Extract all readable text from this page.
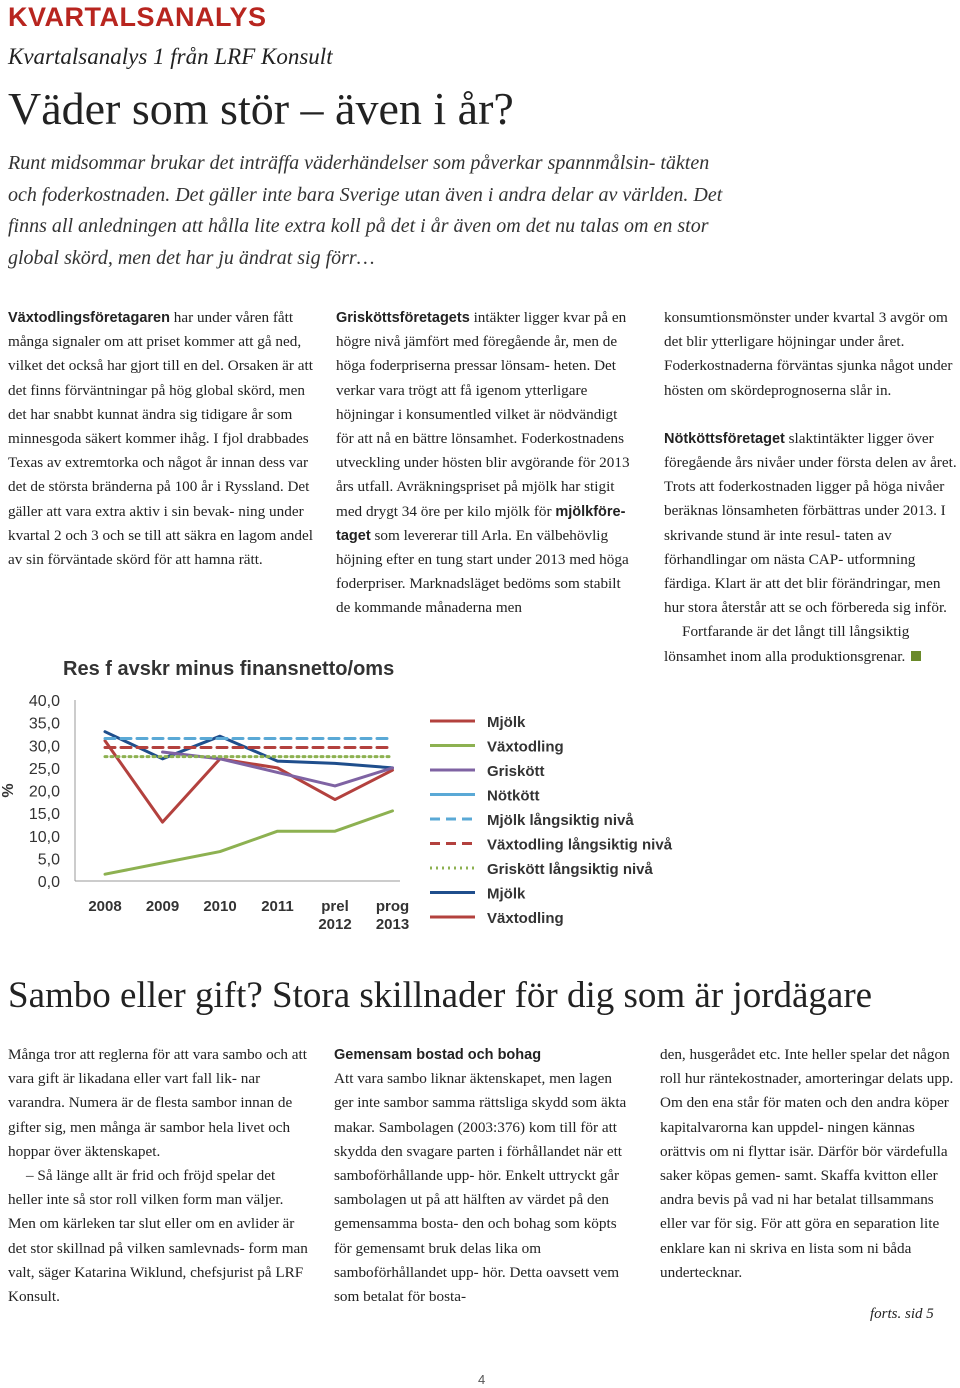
KVARTALSANALYS
Kvartalsanalys 1 från LRF Konsult
Väder som stör – även i år?
Runt midsommar brukar det inträffa väderhändelser som påverkar spannmålsin- täkten och foderkostnaden. Det gäller inte bara Sverige utan även i andra delar av världen. Det finns all anledningen att hålla lite extra koll på det i år även om det nu talas om en stor global skörd, men det har ju ändrat sig förr…

Växtodlingsföretagaren har under våren fått många signaler om att priset kommer att gå ned, vilket det också har gjort till en del. Orsaken är att det finns förväntningar på hög global skörd, men det har snabbt kunnat ändra sig tidigare år som minnesgoda säkert kommer ihåg. I fjol drabbades Texas av extremtorka och något år innan dess var det de största bränderna på 100 år i Ryssland. Det gäller att vara extra aktiv i sin bevak- ning under kvartal 2 och 3 och se till att säkra en lagom andel av sin förväntade skörd för att hamna rätt.

Grisköttsföretagets intäkter ligger kvar på en högre nivå jämfört med föregående år, men de höga foderpriserna pressar lönsam- heten. Det verkar vara trögt att få igenom ytterligare höjningar i konsumentled vilket är nödvändigt för att nå en bättre lönsamhet. Foderkostnadens utveckling under hösten blir avgörande för 2013 års utfall. Avräkningspriset på mjölk har stigit med drygt 34 öre per kilo mjölk för mjölkföre- taget som levererar till Arla. En välbehövlig höjning efter en tung start under 2013 med höga foderpriser. Marknadsläget bedöms som stabilt de kommande månaderna men

konsumtionsmönster under kvartal 3 avgör om det blir ytterligare höjningar under året. Foderkostnaderna förväntas sjunka något under hösten om skördeprognoserna slår in.

Nötköttsföretaget slaktintäkter ligger över föregående års nivåer under första delen av året. Trots att foderkostnaden ligger på höga nivåer beräknas lönsamheten förbättras under 2013. I skrivande stund är inte resul- taten av förhandlingar om nästa CAP- utformning färdiga. Klart är att det blir förändringar, men hur stora återstår att se och förbereda sig inför.

Fortfarande är det långt till långsiktig lönsamhet inom alla produktionsgrenar.

Res f avskr minus finansnetto/oms
40,0
35,0
30,0
25,0
20,0
15,0
10,0
5,0
0,0
%
2008 2009 2010 2011 prel 2012
prog 2013
Mjölk
Växtodling
Griskött
Nötkött
Mjölk långsiktig nivå
Växtodling långsiktig nivå
Griskött långsiktig nivå
Mjölk
Växtodling
Sambo eller gift? Stora skillnader för dig som är jordägare

Många tror att reglerna för att vara sambo och att vara gift är likadana eller vart fall lik- nar varandra. Numera är de flesta sambor innan de gifter sig, men många är sambor hela livet och hoppar över äktenskapet.

– Så länge allt är frid och fröjd spelar det heller inte så stor roll vilken form man väljer. Men om kärleken tar slut eller om en avlider är det stor skillnad på vilken samlevnads- form man valt, säger Katarina Wiklund, chefsjurist på LRF Konsult.

Gemensam bostad och bohag

Att vara sambo liknar äktenskapet, men lagen ger inte sambor samma rättsliga skydd som äkta makar. Sambolagen (2003:376) kom till för att skydda den svagare parten i förhållandet när ett samboförhållande upp- hör. Enkelt uttryckt går sambolagen ut på att hälften av värdet på den gemensamma bosta- den och bohag som köpts för gemensamt bruk delas lika om samboförhållandet upp- hör. Detta oavsett vem som betalat för bosta-

den, husgerådet etc. Inte heller spelar det någon roll hur räntekostnader, amorteringar delats upp. Om den ena står för maten och den andra köper kapitalvarorna kan uppdel- ningen kännas orättvis om ni flyttar isär. Därför bör värdefulla saker köpas gemen- samt. Skaffa kvitton eller andra bevis på vad ni har betalat tillsammans eller var för sig. För att göra en separation lite enklare kan ni skriva en lista som ni båda undertecknar.

forts. sid 5
4
